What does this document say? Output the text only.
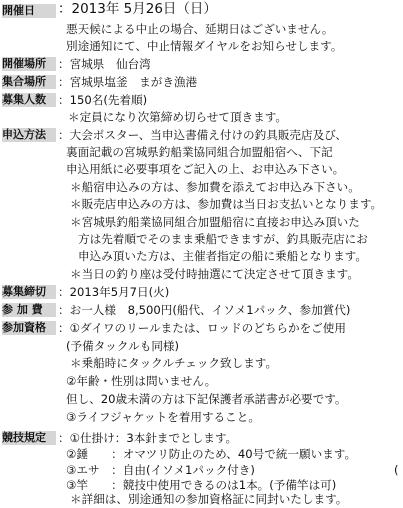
開催日	：2013年 5月26日（日）
悪天候による中止の場合、延期日はございません。
別途通知にて、中止情報ダイヤルをお知らせします。
開催場所	：宮城県　仙台湾
集合場所	：宮城県塩釜　まがき漁港
募集人数	：150名(先着順)
＊定員になり次第締め切らせて頂きます。
申込方法	：大会ポスター、当申込書備え付けの釣具販売店及び、
裏面記載の宮城県釣船業協同組合加盟船宿へ、下記
申込用紙に必要事項をご記入の上、お申込み下さい。
＊船宿申込みの方は、参加費を添えてお申込み下さい。
＊販売店申込みの方は、参加費は当日お支払いとなります。
＊宮城県釣船業協同組合加盟船宿に直接お申込み頂いた
方は先着順でそのまま乗船できますが、釣具販売店にお
申込み頂いた方は、主催者指定の船に乗船となります。
＊当日の釣り座は受付時抽選にて決定させて頂きます。
募集締切	：2013年5月7日(火)
参 加 費	：お一人様　8,500円(船代、イソメ1パック、参加賞代)
参加資格	：①ダイワのリールまたは、ロッドのどちらかをご使用
(予備タックルも同様)
＊乗船時にタックルチェック致します。
②年齢・性別は問いません。
但し、20歳未満の方は下記保護者承諾書が必要です。
③ライフジャケットを着用すること。
競技規定	：①仕掛け：3本針までとします。
②錘　　：オマツリ防止のため、40号で統一願います。
③エサ　：自由(イソメ1パック付き)	(
③竿　　：競技中使用できるのは1本。(予備竿は可)
＊詳細は、別途通知の参加資格証に同封いたします。
